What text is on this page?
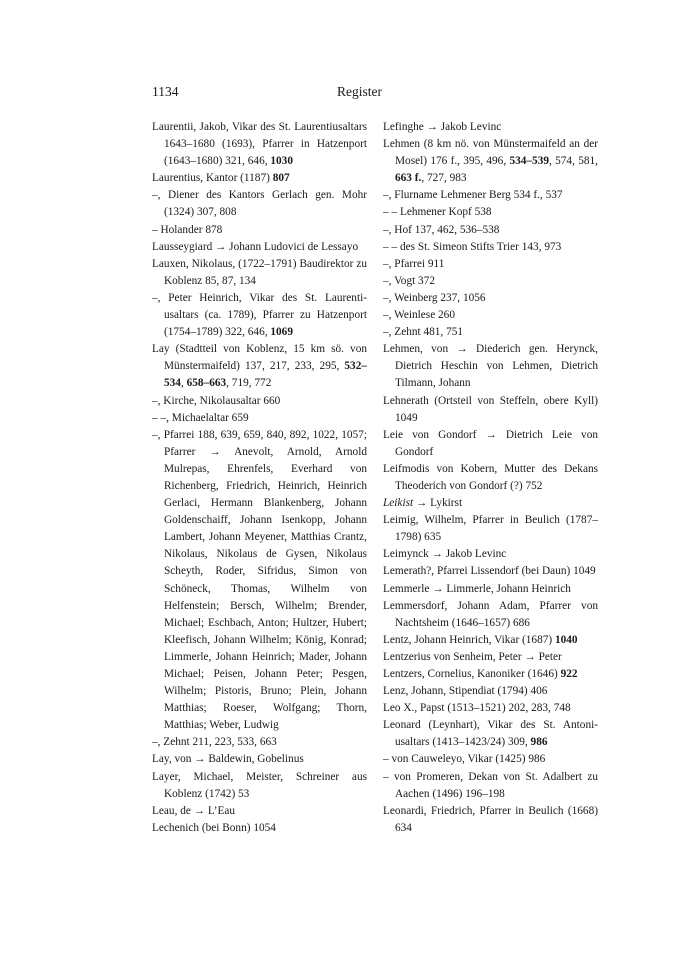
1134	Register

Laurentii, Jakob, Vikar des St. Laurentiusaltars 1643–1680 (1693), Pfarrer in Hatzenport (1643–1680) 321, 646, 1030

Laurentius, Kantor (1187) 807

–, Diener des Kantors Gerlach gen. Mohr (1324) 307, 808

– Holander 878

Lausseygiard → Johann Ludovici de Lessayo

Lauxen, Nikolaus, (1722–1791) Baudirektor zu Koblenz 85, 87, 134

–, Peter Heinrich, Vikar des St. Laurentiusaltars (ca. 1789), Pfarrer zu Hatzenport (1754–1789) 322, 646, 1069

Lay (Stadtteil von Koblenz, 15 km sö. von Münstermaifeld) 137, 217, 233, 295, 532–534, 658–663, 719, 772

–, Kirche, Nikolausaltar 660

– –, Michaelaltar 659

–, Pfarrei 188, 639, 659, 840, 892, 1022, 1057; Pfarrer → Anevolt, Arnold, Arnold Mulrepas, Ehrenfels, Everhard von Richenberg, Friedrich, Heinrich, Heinrich Gerlaci, Hermann Blankenberg, Johann Goldenschaiff, Johann Isenkopp, Johann Lambert, Johann Meyener, Matthias Crantz, Nikolaus, Nikolaus de Gysen, Nikolaus Scheyth, Roder, Sifridus, Simon von Schöneck, Thomas, Wilhelm von Helfenstein; Bersch, Wilhelm; Brender, Michael; Eschbach, Anton; Hultzer, Hubert; Kleefisch, Johann Wilhelm; König, Konrad; Limmerle, Johann Heinrich; Mader, Johann Michael; Peisen, Johann Peter; Pesgen, Wilhelm; Pistoris, Bruno; Plein, Johann Matthias; Roeser, Wolfgang; Thorn, Matthias; Weber, Ludwig

–, Zehnt 211, 223, 533, 663

Lay, von → Baldewin, Gobelinus

Layer, Michael, Meister, Schreiner aus Koblenz (1742) 53

Leau, de → L’Eau

Lechenich (bei Bonn) 1054

Lefinghe → Jakob Levinc

Lehmen (8 km nö. von Münstermaifeld an der Mosel) 176 f., 395, 496, 534–539, 574, 581, 663 f., 727, 983

–, Flurname Lehmener Berg 534 f., 537

– – Lehmener Kopf 538

–, Hof 137, 462, 536–538

– – des St. Simeon Stifts Trier 143, 973

–, Pfarrei 911

–, Vogt 372

–, Weinberg 237, 1056

–, Weinlese 260

–, Zehnt 481, 751

Lehmen, von → Diederich gen. Herynck, Dietrich Heschin von Lehmen, Dietrich Tilmann, Johann

Lehnerath (Ortsteil von Steffeln, obere Kyll) 1049

Leie von Gondorf → Dietrich Leie von Gondorf

Leifmodis von Kobern, Mutter des Dekans Theoderich von Gondorf (?) 752

Leikist → Lykirst

Leimig, Wilhelm, Pfarrer in Beulich (1787–1798) 635

Leimynck → Jakob Levinc

Lemerath?, Pfarrei Lissendorf (bei Daun) 1049

Lemmerle → Limmerle, Johann Heinrich

Lemmersdorf, Johann Adam, Pfarrer von Nachtsheim (1646–1657) 686

Lentz, Johann Heinrich, Vikar (1687) 1040

Lentzerius von Senheim, Peter → Peter

Lentzers, Cornelius, Kanoniker (1646) 922

Lenz, Johann, Stipendiat (1794) 406

Leo X., Papst (1513–1521) 202, 283, 748

Leonard (Leynhart), Vikar des St. Antoniusaltars (1413–1423/24) 309, 986

– von Cauweleyo, Vikar (1425) 986

– von Promeren, Dekan von St. Adalbert zu Aachen (1496) 196–198

Leonardi, Friedrich, Pfarrer in Beulich (1668) 634
